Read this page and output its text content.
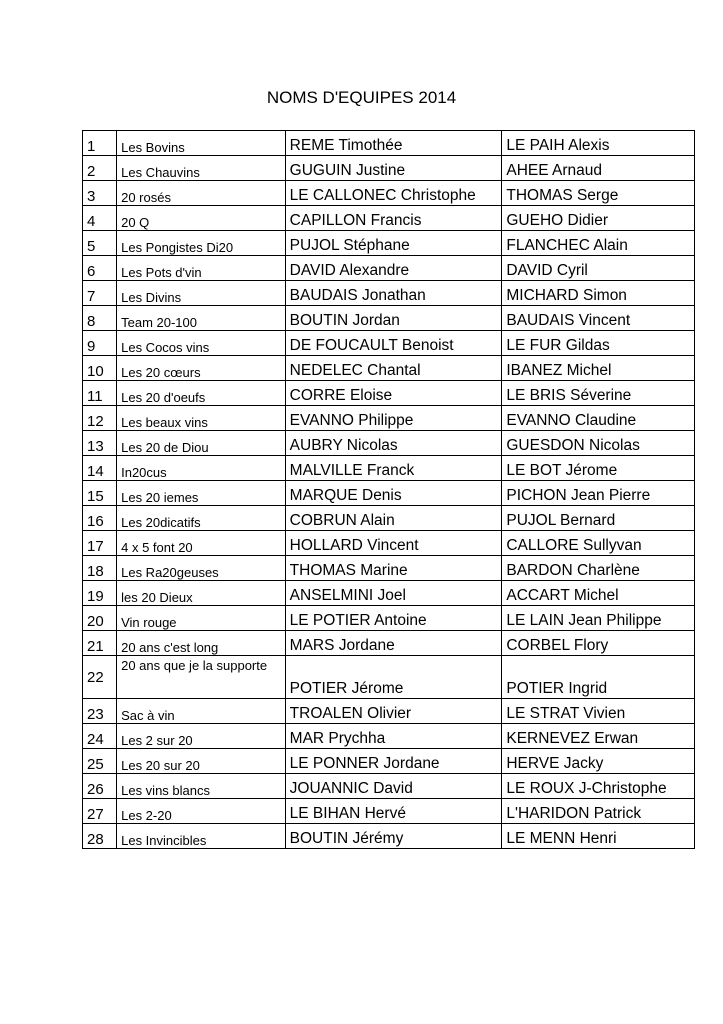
NOMS D'EQUIPES 2014
1	Les Bovins	REME Timothée	LE PAIH Alexis
2	Les Chauvins	GUGUIN Justine	AHEE Arnaud
3	20 rosés	LE CALLONEC Christophe	THOMAS Serge
4	20 Q	CAPILLON Francis	GUEHO Didier
5	Les Pongistes Di20	PUJOL Stéphane	FLANCHEC Alain
6	Les Pots d'vin	DAVID Alexandre	DAVID Cyril
7	Les Divins	BAUDAIS Jonathan	MICHARD Simon
8	Team 20-100	BOUTIN Jordan	BAUDAIS Vincent
9	Les Cocos vins	DE FOUCAULT Benoist	LE FUR Gildas
10	Les 20 cœurs	NEDELEC Chantal	IBANEZ Michel
11	Les 20 d'oeufs	CORRE Eloise	LE BRIS Séverine
12	Les beaux vins	EVANNO Philippe	EVANNO Claudine
13	Les 20 de Diou	AUBRY Nicolas	GUESDON Nicolas
14	In20cus	MALVILLE Franck	LE BOT Jérome
15	Les 20 iemes	MARQUE Denis	PICHON Jean Pierre
16	Les 20dicatifs	COBRUN Alain	PUJOL Bernard
17	4 x 5 font 20	HOLLARD Vincent	CALLORE Sullyvan
18	Les Ra20geuses	THOMAS Marine	BARDON Charlène
19	les 20 Dieux	ANSELMINI Joel	ACCART Michel
20	Vin rouge	LE POTIER Antoine	LE LAIN Jean Philippe
21	20 ans c'est long	MARS Jordane	CORBEL Flory
22	20 ans que je la supporte	POTIER Jérome	POTIER Ingrid
23	Sac à vin	TROALEN Olivier	LE STRAT Vivien
24	Les 2 sur 20	MAR Prychha	KERNEVEZ Erwan
25	Les 20 sur 20	LE PONNER Jordane	HERVE Jacky
26	Les vins blancs	JOUANNIC David	LE ROUX J-Christophe
27	Les 2-20	LE BIHAN Hervé	L'HARIDON Patrick
28	Les Invincibles	BOUTIN Jérémy	LE MENN Henri
